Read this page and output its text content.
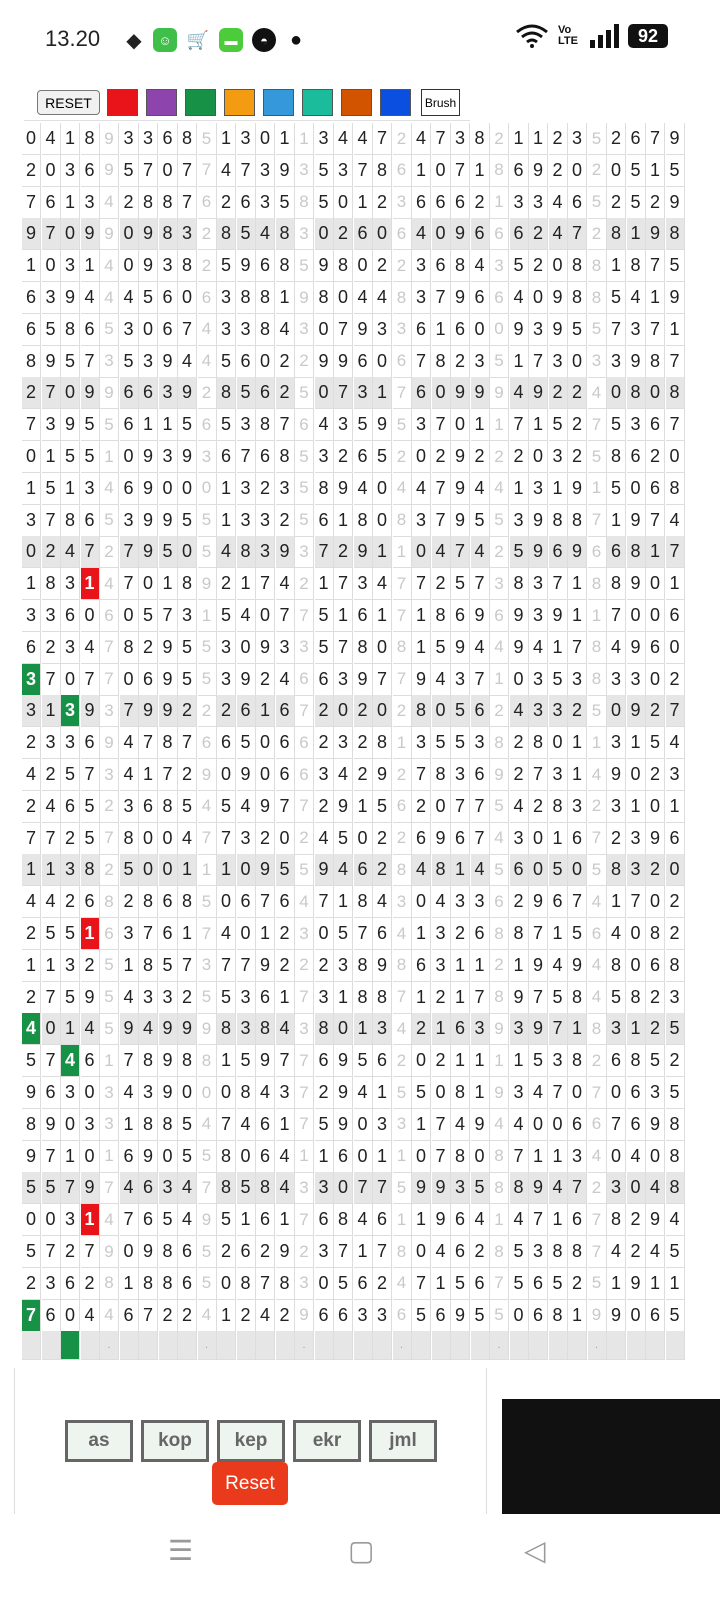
13.20 ◆	☺ 🛒	▬	◓	●	Vo LTE	92
0 4 1 8 9 3 3 6 8 5 1 3 0 1 1 3 4 4 7 2 4 7 3 8 2 1 1 2 3 5 2 6 7 9
2 0 3 6 9 5 7 0 7 7 4 7 3 9 3 5 3 7 8 6 1 0 7 1 8 6 9 2 0 2 0 5 1 5
7 6 1 3 4 2 8 8 7 6 2 6 3 5 8 5 0 1 2 3 6 6 6 2 1 3 3 4 6 5 2 5 2 9
9 7 0 9 9 0 9 8 3 2 8 5 4 8 3 0 2 6 0 6 4 0 9 6 6 6 2 4 7 2 8 1 9 8
1 0 3 1 4 0 9 3 8 2 5 9 6 8 5 9 8 0 2 2 3 6 8 4 3 5 2 0 8 8 1 8 7 5
6 3 9 4 4 4 5 6 0 6 3 8 8 1 9 8 0 4 4 8 3 7 9 6 6 4 0 9 8 8 5 4 1 9
6 5 8 6 5 3 0 6 7 4 3 3 8 4 3 0 7 9 3 3 6 1 6 0 0 9 3 9 5 5 7 3 7 1
8 9 5 7 3 5 3 9 4 4 5 6 0 2 2 9 9 6 0 6 7 8 2 3 5 1 7 3 0 3 3 9 8 7
2 7 0 9 9 6 6 3 9 2 8 5 6 2 5 0 7 3 1 7 6 0 9 9 9 4 9 2 2 4 0 8 0 8
7 3 9 5 5 6 1 1 5 6 5 3 8 7 6 4 3 5 9 5 3 7 0 1 1 7 1 5 2 7 5 3 6 7
0 1 5 5 1 0 9 3 9 3 6 7 6 8 5 3 2 6 5 2 0 2 9 2 2 2 0 3 2 5 8 6 2 0
1 5 1 3 4 6 9 0 0 0 1 3 2 3 5 8 9 4 0 4 4 7 9 4 4 1 3 1 9 1 5 0 6 8
3 7 8 6 5 3 9 9 5 5 1 3 3 2 5 6 1 8 0 8 3 7 9 5 5 3 9 8 8 7 1 9 7 4
0 2 4 7 2 7 9 5 0 5 4 8 3 9 3 7 2 9 1 1 0 4 7 4 2 5 9 6 9 6 6 8 1 7
1 8 3 1 4 7 0 1 8 9 2 1 7 4 2 1 7 3 4 7 7 2 5 7 3 8 3 7 1 8 8 9 0 1
3 3 6 0 6 0 5 7 3 1 5 4 0 7 7 5 1 6 1 7 1 8 6 9 6 9 3 9 1 1 7 0 0 6
6 2 3 4 7 8 2 9 5 5 3 0 9 3 3 5 7 8 0 8 1 5 9 4 4 9 4 1 7 8 4 9 6 0
3 7 0 7 7 0 6 9 5 5 3 9 2 4 6 6 3 9 7 7 9 4 3 7 1 0 3 5 3 8 3 3 0 2
3 1 3 9 3 7 9 9 2 2 2 6 1 6 7 2 0 2 0 2 8 0 5 6 2 4 3 3 2 5 0 9 2 7
2 3 3 6 9 4 7 8 7 6 6 5 0 6 6 2 3 2 8 1 3 5 5 3 8 2 8 0 1 1 3 1 5 4
4 2 5 7 3 4 1 7 2 9 0 9 0 6 6 3 4 2 9 2 7 8 3 6 9 2 7 3 1 4 9 0 2 3
2 4 6 5 2 3 6 8 5 4 5 4 9 7 7 2 9 1 5 6 2 0 7 7 5 4 2 8 3 2 3 1 0 1
7 7 2 5 7 8 0 0 4 7 7 3 2 0 2 4 5 0 2 2 6 9 6 7 4 3 0 1 6 7 2 3 9 6
1 1 3 8 2 5 0 0 1 1 1 0 9 5 5 9 4 6 2 8 4 8 1 4 5 6 0 5 0 5 8 3 2 0
4 4 2 6 8 2 8 6 8 5 0 6 7 6 4 7 1 8 4 3 0 4 3 3 6 2 9 6 7 4 1 7 0 2
2 5 5 1 6 3 7 6 1 7 4 0 1 2 3 0 5 7 6 4 1 3 2 6 8 8 7 1 5 6 4 0 8 2
1 1 3 2 5 1 8 5 7 3 7 7 9 2 2 2 3 8 9 8 6 3 1 1 2 1 9 4 9 4 8 0 6 8
2 7 5 9 5 4 3 3 2 5 5 3 6 1 7 3 1 8 8 7 1 2 1 7 8 9 7 5 8 4 5 8 2 3
4 0 1 4 5 9 4 9 9 9 8 3 8 4 3 8 0 1 3 4 2 1 6 3 9 3 9 7 1 8 3 1 2 5
5 7 4 6 1 7 8 9 8 8 1 5 9 7 7 6 9 5 6 2 0 2 1 1 1 1 5 3 8 2 6 8 5 2
9 6 3 0 3 4 3 9 0 0 0 8 4 3 7 2 9 4 1 5 5 0 8 1 9 3 4 7 0 7 0 6 3 5
8 9 0 3 3 1 8 8 5 4 7 4 6 1 7 5 9 0 3 3 1 7 4 9 4 4 0 0 6 6 7 6 9 8
9 7 1 0 1 6 9 0 5 5 8 0 6 4 1 1 6 0 1 1 0 7 8 0 8 7 1 1 3 4 0 4 0 8
5 5 7 9 7 4 6 3 4 7 8 5 8 4 3 3 0 7 7 5 9 9 3 5 8 8 9 4 7 2 3 0 4 8
0 0 3 1 4 7 6 5 4 9 5 1 6 1 7 6 8 4 6 1 1 9 6 4 1 4 7 1 6 7 8 2 9 4
5 7 2 7 9 0 9 8 6 5 2 6 2 9 2 3 7 1 7 8 0 4 6 2 8 5 3 8 8 7 4 2 4 5
2 3 6 2 8 1 8 8 6 5 0 8 7 8 3 0 5 6 2 4 7 1 5 6 7 5 6 5 2 5 1 9 1 1
7 6 0 4 4 6 7 2 2 4 1 2 4 2 9 6 6 3 3 6 5 6 9 5 5 0 6 8 1 9 9 0 6 5
.	.	.	.	.	.
RESET	Brush
as	kop	kep	ekr	jml
Reset
☰	▢	◁
